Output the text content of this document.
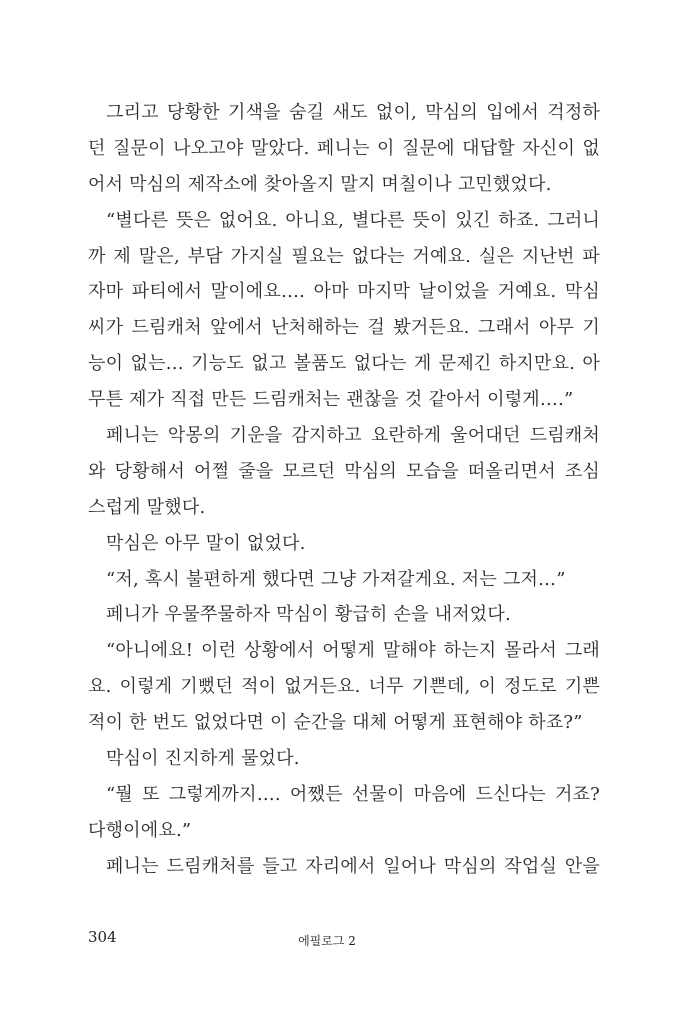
그리고 당황한 기색을 숨길 새도 없이, 막심의 입에서 걱정하
던 질문이 나오고야 말았다. 페니는 이 질문에 대답할 자신이 없
어서 막심의 제작소에 찾아올지 말지 며칠이나 고민했었다.
“별다른 뜻은 없어요. 아니요, 별다른 뜻이 있긴 하죠. 그러니
까 제 말은, 부담 가지실 필요는 없다는 거예요. 실은 지난번 파
자마 파티에서 말이에요…. 아마 마지막 날이었을 거예요. 막심
씨가 드림캐처 앞에서 난처해하는 걸 봤거든요. 그래서 아무 기
능이 없는… 기능도 없고 볼품도 없다는 게 문제긴 하지만요. 아
무튼 제가 직접 만든 드림캐처는 괜찮을 것 같아서 이렇게….”
페니는 악몽의 기운을 감지하고 요란하게 울어대던 드림캐처
와 당황해서 어쩔 줄을 모르던 막심의 모습을 떠올리면서 조심
스럽게 말했다.
막심은 아무 말이 없었다.
“저, 혹시 불편하게 했다면 그냥 가져갈게요. 저는 그저…”
페니가 우물쭈물하자 막심이 황급히 손을 내저었다.
“아니에요! 이런 상황에서 어떻게 말해야 하는지 몰라서 그래
요. 이렇게 기뻤던 적이 없거든요. 너무 기쁜데, 이 정도로 기쁜
적이 한 번도 없었다면 이 순간을 대체 어떻게 표현해야 하죠?”
막심이 진지하게 물었다.
“뭘 또 그렇게까지…. 어쨌든 선물이 마음에 드신다는 거죠?
다행이에요.”
페니는 드림캐처를 들고 자리에서 일어나 막심의 작업실 안을
304	에필로그 2
